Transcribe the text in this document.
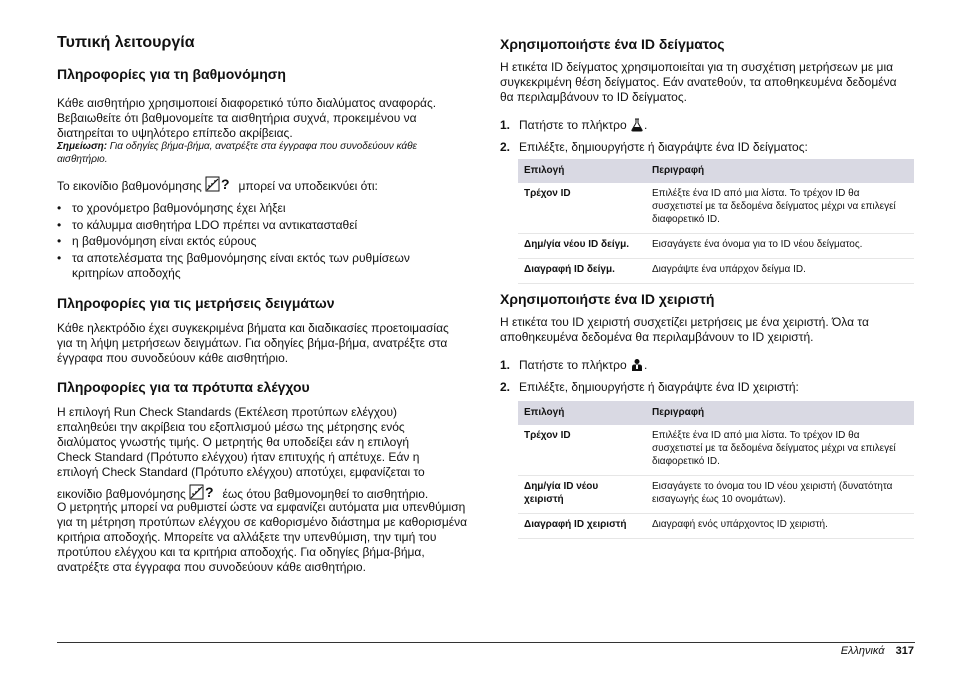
Τυπική λειτουργία
Πληροφορίες για τη βαθμονόμηση

Κάθε αισθητήριο χρησιμοποιεί διαφορετικό τύπο διαλύματος αναφοράς. Βεβαιωθείτε ότι βαθμονομείτε τα αισθητήρια συχνά, προκειμένου να διατηρείται το υψηλότερο επίπεδο ακρίβειας.

Σημείωση: Για οδηγίες βήμα-βήμα, ανατρέξτε στα έγγραφα που συνοδεύουν κάθε αισθητήριο.

Το εικονίδιο βαθμονόμησης ? μπορεί να υποδεικνύει ότι:

• το χρονόμετρο βαθμονόμησης έχει λήξει
• το κάλυμμα αισθητήρα LDO πρέπει να αντικατασταθεί
• η βαθμονόμηση είναι εκτός εύρους
• τα αποτελέσματα της βαθμονόμησης είναι εκτός των ρυθμίσεων κριτηρίων αποδοχής
Πληροφορίες για τις μετρήσεις δειγμάτων

Κάθε ηλεκτρόδιο έχει συγκεκριμένα βήματα και διαδικασίες προετοιμασίας για τη λήψη μετρήσεων δειγμάτων. Για οδηγίες βήμα-βήμα, ανατρέξτε στα έγγραφα που συνοδεύουν κάθε αισθητήριο.

Πληροφορίες για τα πρότυπα ελέγχου
Η επιλογή Run Check Standards (Εκτέλεση προτύπων ελέγχου)
επαληθεύει την ακρίβεια του εξοπλισμού μέσω της μέτρησης ενός
διαλύματος γνωστής τιμής. Ο μετρητής θα υποδείξει εάν η επιλογή
Check Standard (Πρότυπο ελέγχου) ήταν επιτυχής ή απέτυχε. Εάν η
επιλογή Check Standard (Πρότυπο ελέγχου) αποτύχει, εμφανίζεται το
εικονίδιο βαθμονόμησης ? έως ότου βαθμονομηθεί το αισθητήριο.

Ο μετρητής μπορεί να ρυθμιστεί ώστε να εμφανίζει αυτόματα μια υπενθύμιση για τη μέτρηση προτύπων ελέγχου σε καθορισμένο διάστημα με καθορισμένα κριτήρια αποδοχής. Μπορείτε να αλλάξετε την υπενθύμιση, την τιμή του προτύπου ελέγχου και τα κριτήρια αποδοχής. Για οδηγίες βήμα-βήμα, ανατρέξτε στα έγγραφα που συνοδεύουν κάθε αισθητήριο.

Χρησιμοποιήστε ένα ID δείγματος

Η ετικέτα ID δείγματος χρησιμοποιείται για τη συσχέτιση μετρήσεων με μια συγκεκριμένη θέση δείγματος. Εάν ανατεθούν, τα αποθηκευμένα δεδομένα θα περιλαμβάνουν το ID δείγματος.

1. Πατήστε το πλήκτρο .
2. Επιλέξτε, δημιουργήστε ή διαγράψτε ένα ID δείγματος:
Επιλογή	Περιγραφή
Τρέχον ID	Επιλέξτε ένα ID από μια λίστα. Το τρέχον ID θα συσχετιστεί με τα δεδομένα δείγματος μέχρι να επιλεγεί διαφορετικό ID.
Δημ/γία νέου ID δείγμ.	Εισαγάγετε ένα όνομα για το ID νέου δείγματος.
Διαγραφή ID δείγμ.	Διαγράψτε ένα υπάρχον δείγμα ID.
Χρησιμοποιήστε ένα ID χειριστή

Η ετικέτα του ID χειριστή συσχετίζει μετρήσεις με ένα χειριστή. Όλα τα αποθηκευμένα δεδομένα θα περιλαμβάνουν το ID χειριστή.

1. Πατήστε το πλήκτρο .
2. Επιλέξτε, δημιουργήστε ή διαγράψτε ένα ID χειριστή:
Επιλογή	Περιγραφή
Τρέχον ID	Επιλέξτε ένα ID από μια λίστα. Το τρέχον ID θα συσχετιστεί με τα δεδομένα δείγματος μέχρι να επιλεγεί διαφορετικό ID.
Δημ/γία ID νέου χειριστή	Εισαγάγετε το όνομα του ID νέου χειριστή (δυνατότητα εισαγωγής έως 10 ονομάτων).
Διαγραφή ID χειριστή	Διαγραφή ενός υπάρχοντος ID χειριστή.
Ελληνικά 317
